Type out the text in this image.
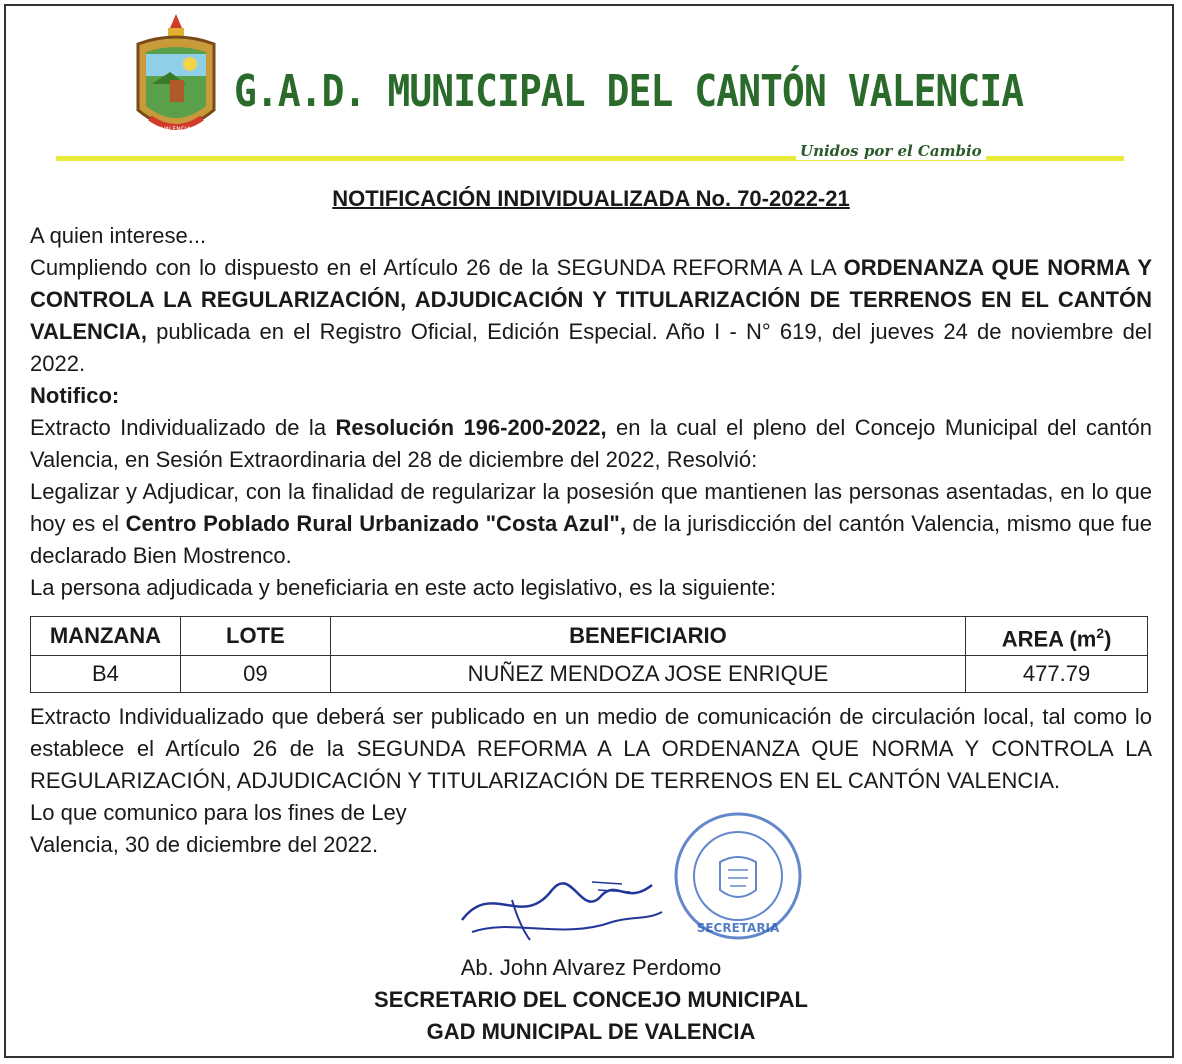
VALENCIA
G.A.D. MUNICIPAL DEL CANTÓN VALENCIA
Unidos por el Cambio
NOTIFICACIÓN INDIVIDUALIZADA No. 70-2022-21

A quien interese...

Cumpliendo con lo dispuesto en el Artículo 26 de la SEGUNDA REFORMA A LA ORDENANZA QUE NORMA Y CONTROLA LA REGULARIZACIÓN, ADJUDICACIÓN Y TITULARIZACIÓN DE TERRENOS EN EL CANTÓN VALENCIA, publicada en el Registro Oficial, Edición Especial. Año I - N° 619, del jueves 24 de noviembre del 2022.

Notifico:

Extracto Individualizado de la Resolución 196-200-2022, en la cual el pleno del Concejo Municipal del cantón Valencia, en Sesión Extraordinaria del 28 de diciembre del 2022, Resolvió:

Legalizar y Adjudicar, con la finalidad de regularizar la posesión que mantienen las personas asentadas, en lo que hoy es el Centro Poblado Rural Urbanizado "Costa Azul", de la jurisdicción del cantón Valencia, mismo que fue declarado Bien Mostrenco.

La persona adjudicada y beneficiaria en este acto legislativo, es la siguiente:

MANZANA	LOTE	BENEFICIARIO	AREA $(m^2)$
B4	09	NUÑEZ MENDOZA JOSE ENRIQUE	477.79

Extracto Individualizado que deberá ser publicado en un medio de comunicación de circulación local, tal como lo establece el Artículo 26 de la SEGUNDA REFORMA A LA ORDENANZA QUE NORMA Y CONTROLA LA REGULARIZACIÓN, ADJUDICACIÓN Y TITULARIZACIÓN DE TERRENOS EN EL CANTÓN VALENCIA.

Lo que comunico para los fines de Ley

Valencia, 30 de diciembre del 2022.

SECRETARIA
Ab. John Alvarez Perdomo
SECRETARIO DEL CONCEJO MUNICIPAL
GAD MUNICIPAL DE VALENCIA
